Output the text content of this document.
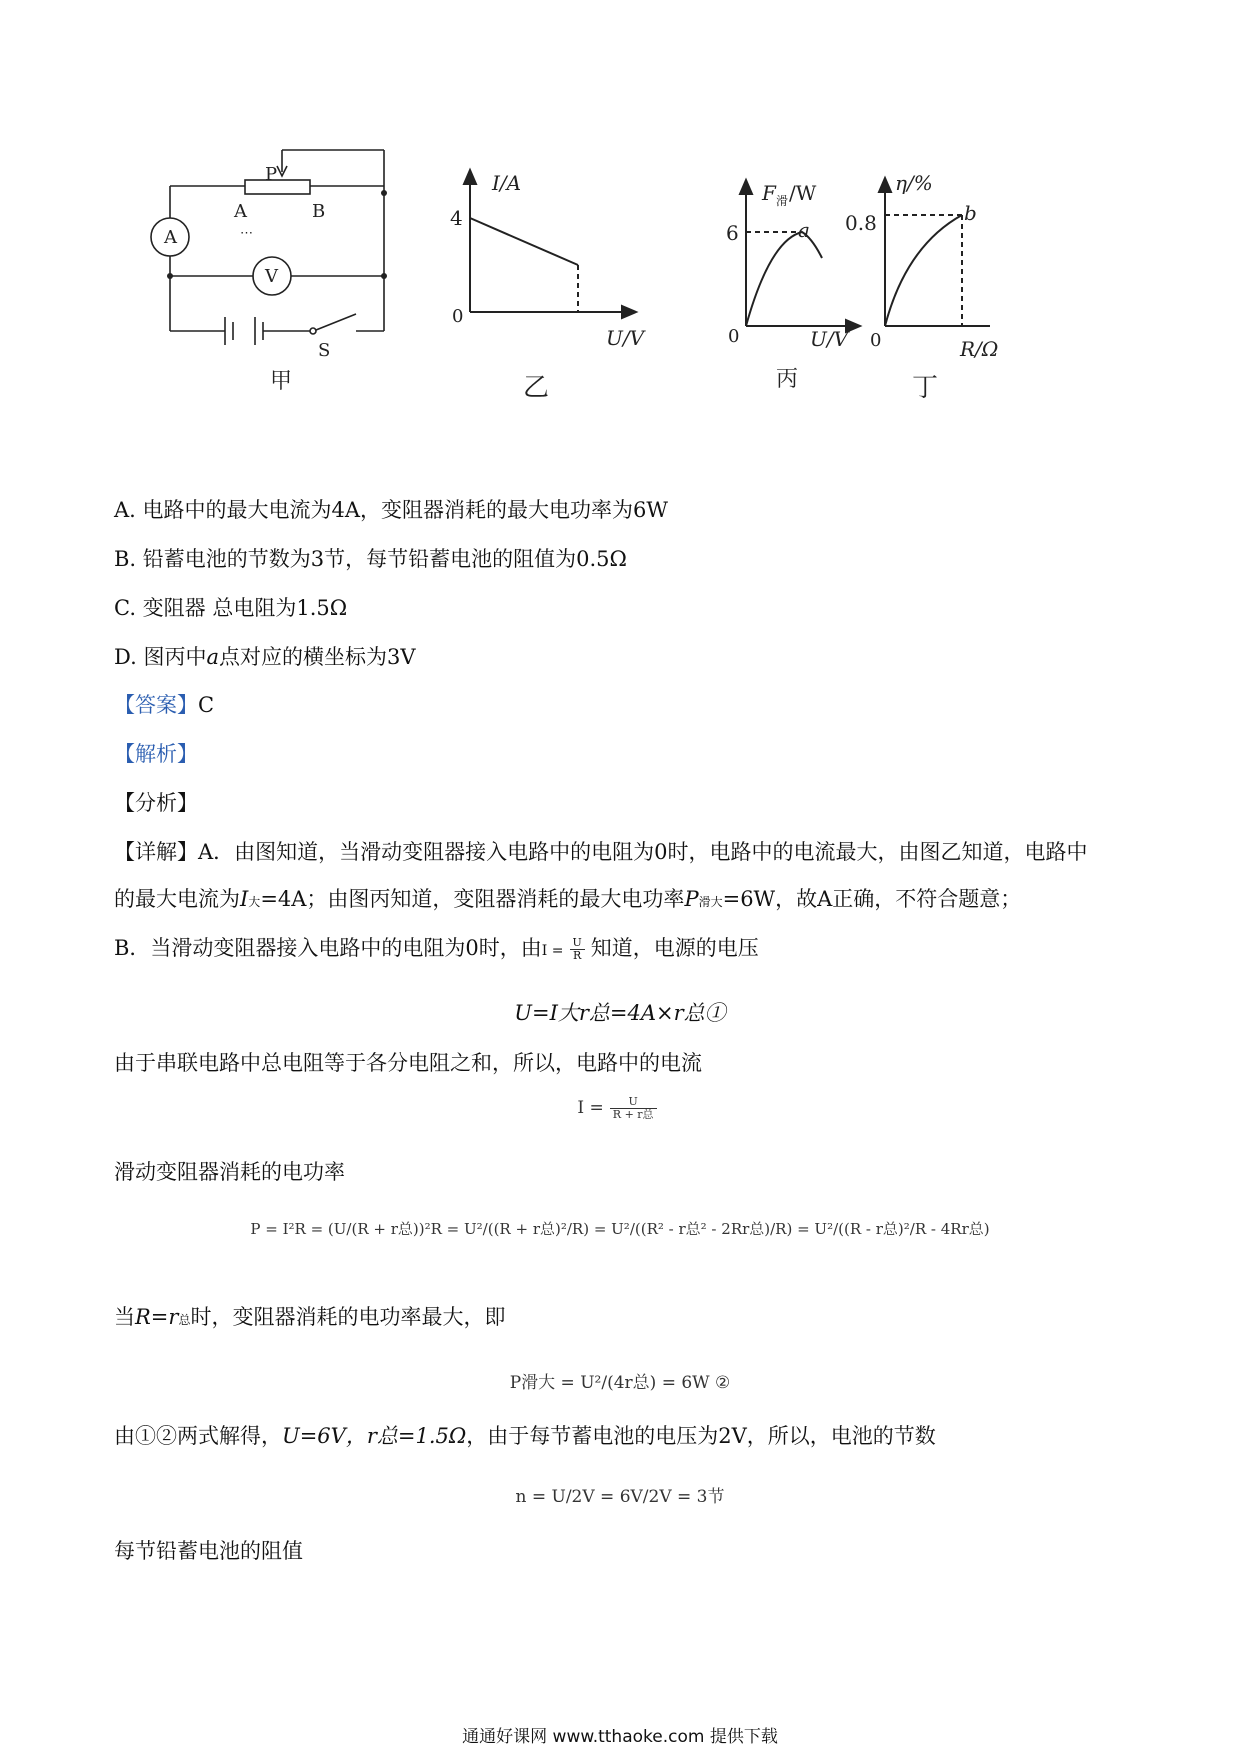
⋯
P
A	B
A
V
S
甲
I/A
4
0
U/V
乙
F 滑 /W
6	a
0	U/V
丙
η/%
0.8	b
0	R/Ω
丁
A. 电路中的最大电流为4A，变阻器消耗的最大电功率为6W
B. 铅蓄电池的节数为3节，每节铅蓄电池的阻值为0.5Ω
C. 变阻器 总电阻为1.5Ω
D. 图丙中a点对应的横坐标为3V
【答案】C
【解析】
【分析】
【详解】A．由图知道，当滑动变阻器接入电路中的电阻为0时，电路中的电流最大，由图乙知道，电路中
的最大电流为I大=4A；由图丙知道，变阻器消耗的最大电功率P滑大=6W，故A正确，不符合题意；
B．当滑动变阻器接入电路中的电阻为0时，由$I = \frac{U}{R}$ 知道，电源的电压
U=I大r总=4A×r总①
由于串联电路中总电阻等于各分电阻之和，所以，电路中的电流
$I = \frac{U}{\text{R + r总}}$
滑动变阻器消耗的电功率
P = I²R = (U/(R + r总))²R = U²/((R + r总)²/R) = U²/((R² - r总² - 2Rr总)/R) = U²/((R - r总)²/R - 4Rr总)
当R=r总时，变阻器消耗的电功率最大，即
P滑大 = U²/(4r总) = 6W ②
由①②两式解得，U=6V，r总=1.5Ω，由于每节蓄电池的电压为2V，所以，电池的节数
n = U/2V = 6V/2V = 3节
每节铅蓄电池的阻值
通通好课网 www.tthaoke.com 提供下载
